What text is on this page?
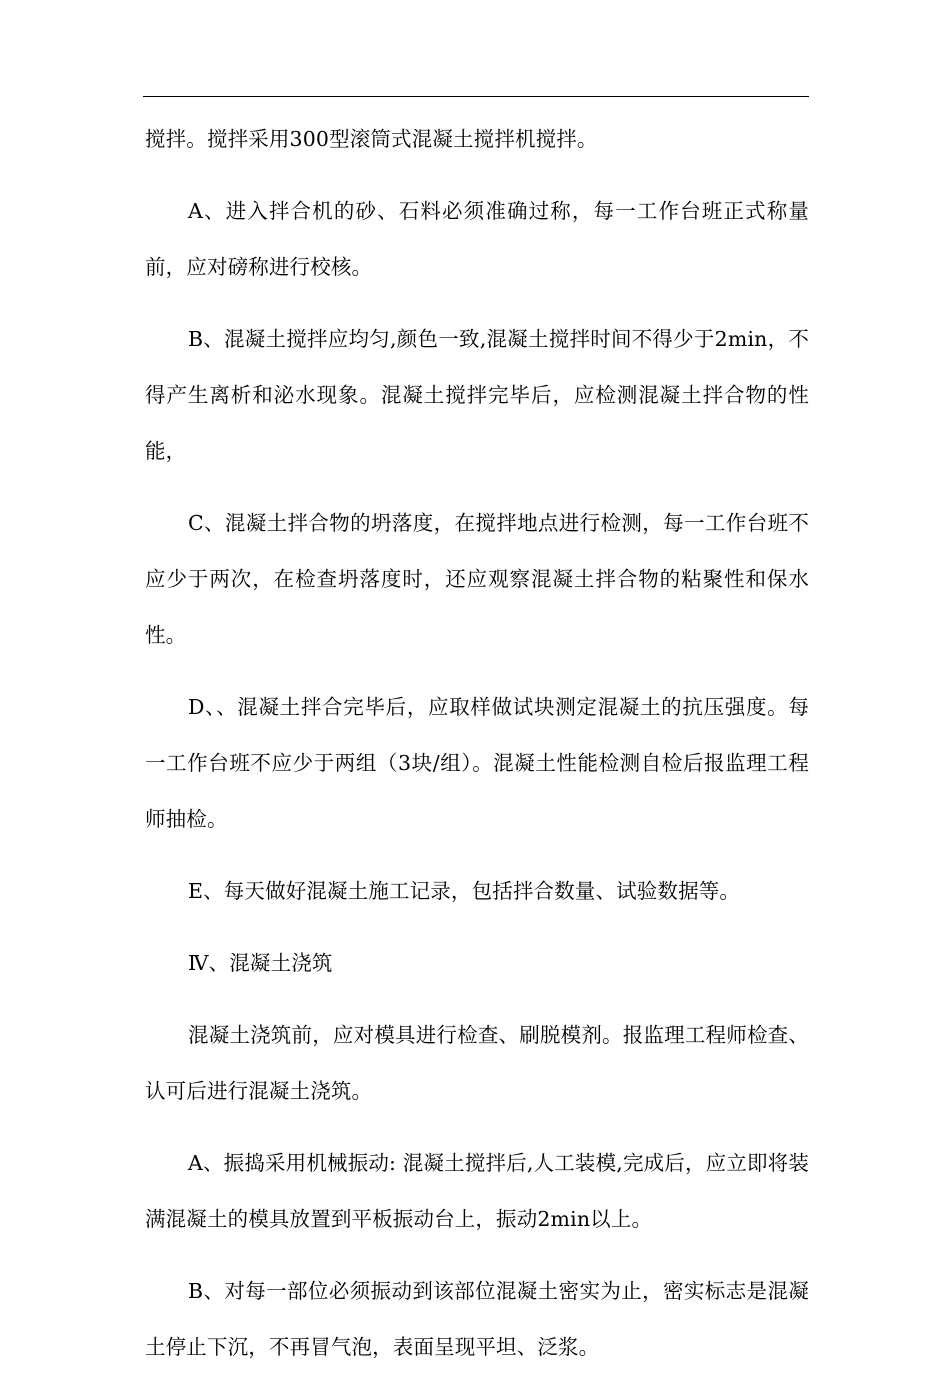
搅拌。搅拌采用300型滚筒式混凝土搅拌机搅拌。

A、进入拌合机的砂、石料必须准确过称，每一工作台班正式称量前，应对磅称进行校核。

B、混凝土搅拌应均匀,颜色一致,混凝土搅拌时间不得少于2min，不得产生离析和泌水现象。混凝土搅拌完毕后，应检测混凝土拌合物的性能，

C、混凝土拌合物的坍落度，在搅拌地点进行检测，每一工作台班不应少于两次，在检查坍落度时，还应观察混凝土拌合物的粘聚性和保水性。

D、、混凝土拌合完毕后，应取样做试块测定混凝土的抗压强度。每一工作台班不应少于两组（3块/组）。混凝土性能检测自检后报监理工程师抽检。

E、每天做好混凝土施工记录，包括拌合数量、试验数据等。

Ⅳ、混凝土浇筑

混凝土浇筑前，应对模具进行检查、刷脱模剂。报监理工程师检查、认可后进行混凝土浇筑。

A、振捣采用机械振动: 混凝土搅拌后,人工装模,完成后，应立即将装满混凝土的模具放置到平板振动台上，振动2min以上。

B、对每一部位必须振动到该部位混凝土密实为止，密实标志是混凝土停止下沉，不再冒气泡，表面呈现平坦、泛浆。
